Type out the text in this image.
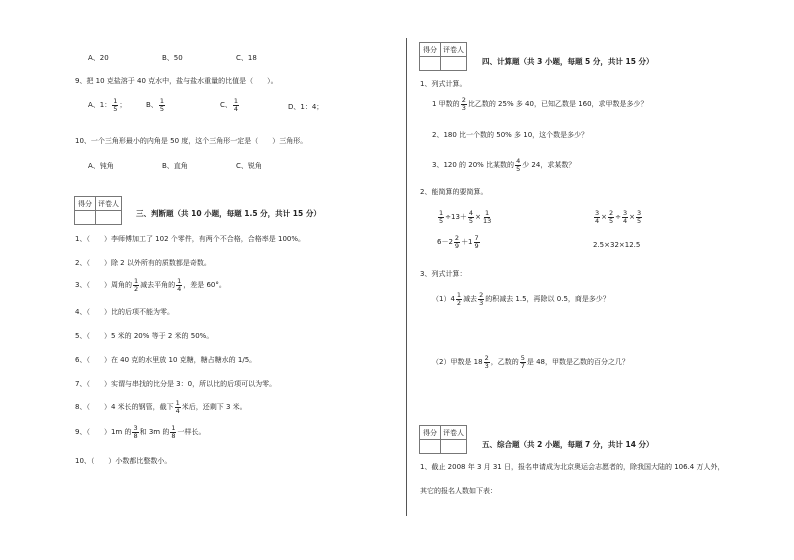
A、20	B、50	C、18
9、把 10 克盐溶于 40 克水中，盐与盐水重量的比值是（　　）。
A、1： $\frac{1}{5}$ ；	B、 $\frac{1}{5}$	C、 $\frac{1}{4}$	D、1：4；
10、一个三角形最小的内角是 50 度，这个三角形一定是（　　）三角形。
A、钝角	B、直角	C、锐角
得分 评卷人
三、判断题（共 10 小题，每题 1.5 分，共计 15 分）
1、（　　）李师傅加工了 102 个零件，有两个不合格，合格率是 100%。
2、（　　）除 2 以外所有的质数都是奇数。
3、（　　）周角的 $\frac{1}{2}$ 减去平角的 $\frac{1}{4}$ ，差是 60°。
4、（　　）比的后项不能为零。
5、（　　）5 米的 20% 等于 2 米的 50%。
6、（　　）在 40 克的水里放 10 克糖，糖占糖水的 1/5。
7、（　　）实谓与串找的比分是 3：0，所以比的后项可以为零。
8、（　　）4 米长的钢管，截下 $\frac{1}{4}$ 米后，还剩下 3 米。
9、（　　）1m 的 $\frac{3}{8}$ 和 3m 的 $\frac{1}{8}$ 一样长。
10、（　　）小数都比整数小。
得分 评卷人
四、计算题（共 3 小题，每题 5 分，共计 15 分）
1、列式计算。
1 甲数的 $\frac{2}{3}$ 比乙数的 25% 多 40，已知乙数是 160，求甲数是多少？
2、180 比一个数的 50% 多 10，这个数是多少？
3、120 的 20% 比某数的 $\frac{4}{5}$ 少 24，求某数？
2、能简算的要简算。
$\frac{1}{5} \div 13+ \frac{4}{5} \times \frac{1}{13}$	$\frac{3}{4} \times \frac{2}{5} \div \frac{3}{4} \times \frac{3}{5}$
$6-2 \frac{2}{9} +1 \frac{7}{9}$	2.5×32×12.5
3、列式计算：
$(1)4 \frac{1}{2}$ 减去 $\frac{2}{3}$ 的积减去 1.5，再除以 0.5，商是多少？
（2）甲数是 $18 \frac{2}{3}$ ，乙数的 $\frac{5}{7}$ 是 48，甲数是乙数的百分之几？
得分 评卷人
五、综合题（共 2 小题，每题 7 分，共计 14 分）
1、截止 2008 年 3 月 31 日，报名申请成为北京奥运会志愿者的，除我国大陆的 106.4 万人外，
其它的报名人数如下表：
